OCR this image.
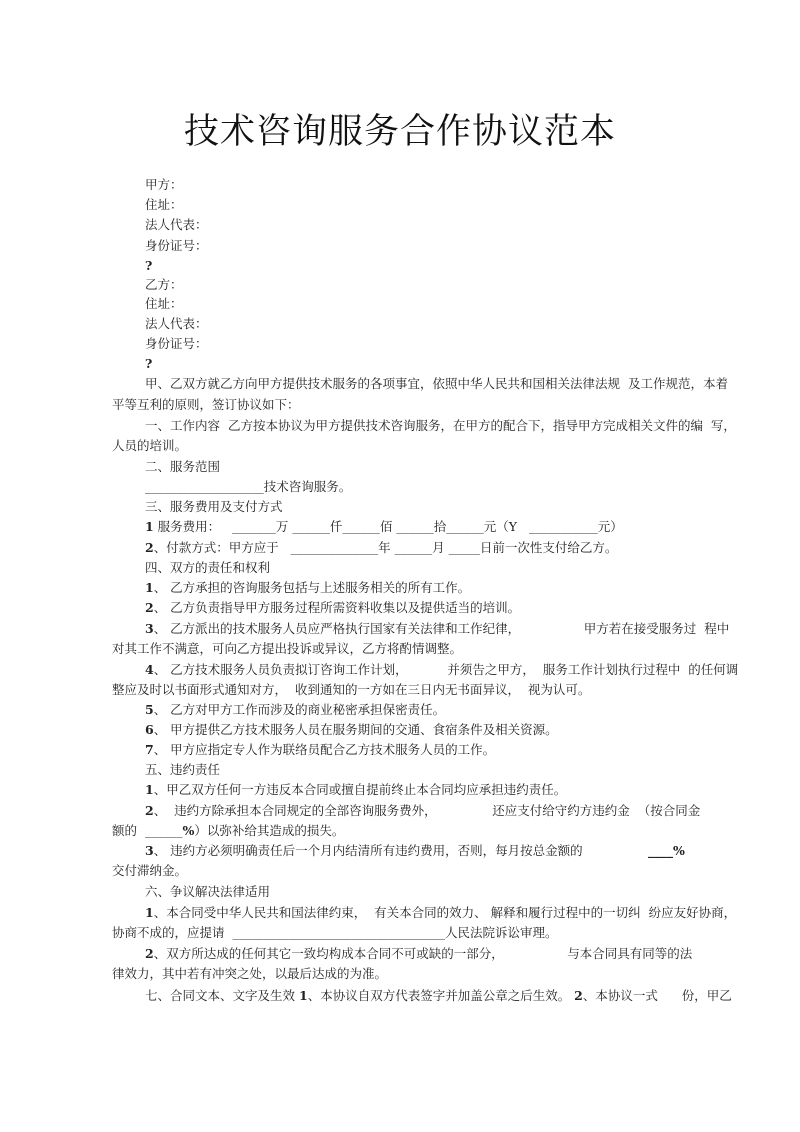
技术咨询服务合作协议范本
甲方：
住址：
法人代表：
身份证号：
?
乙方：
住址：
法人代表：
身份证号：
?
甲、乙双方就乙方向甲方提供技术服务的各项事宜，依照中华人民共和国相关法律法规  及工作规范，本着
平等互利的原则，签订协议如下：
一、工作内容  乙方按本协议为甲方提供技术咨询服务，在甲方的配合下，指导甲方完成相关文件的编  写，
人员的培训。
二、服务范围
___________________技术咨询服务。
三、服务费用及支付方式
1 服务费用：   _______万 ______仟______佰 ______拾______元（Y   ___________元）
2、付款方式：甲方应于   ______________年 ______月 _____日前一次性支付给乙方。
四、双方的责任和权利
1、 乙方承担的咨询服务包括与上述服务相关的所有工作。
2、 乙方负责指导甲方服务过程所需资料收集以及提供适当的培训。
3、 乙方派出的技术服务人员应严格执行国家有关法律和工作纪律，                甲方若在接受服务过  程中
对其工作不满意，可向乙方提出投诉或异议，乙方将酌情调整。
4、 乙方技术服务人员负责拟订咨询工作计划，          并须告之甲方，  服务工作计划执行过程中  的任何调
整应及时以书面形式通知对方，  收到通知的一方如在三日内无书面异议，  视为认可。
5、 乙方对甲方工作而涉及的商业秘密承担保密责任。
6、 甲方提供乙方技术服务人员在服务期间的交通、食宿条件及相关资源。
7、 甲方应指定专人作为联络员配合乙方技术服务人员的工作。
五、违约责任
1、甲乙双方任何一方违反本合同或擅自提前终止本合同均应承担违约责任。
2、  违约方除承担本合同规定的全部咨询服务费外，              还应支付给守约方违约金  （按合同金
额的  ______%）以弥补给其造成的损失。
3、 违约方必须明确责任后一个月内结清所有违约费用，否则，每月按总金额的	____%
交付滞纳金。
六、争议解决法律适用
1、本合同受中华人民共和国法律约束，  有关本合同的效力、 解释和履行过程中的一切纠  纷应友好协商，
协商不成的，应提请  __________________________________人民法院诉讼审理。
2、双方所达成的任何其它一致均构成本合同不可或缺的一部分，                与本合同具有同等的法
律效力，其中若有冲突之处，以最后达成的为准。
七、合同文本、文字及生效 1、本协议自双方代表签字并加盖公章之后生效。 2、本协议一式      份，甲乙
